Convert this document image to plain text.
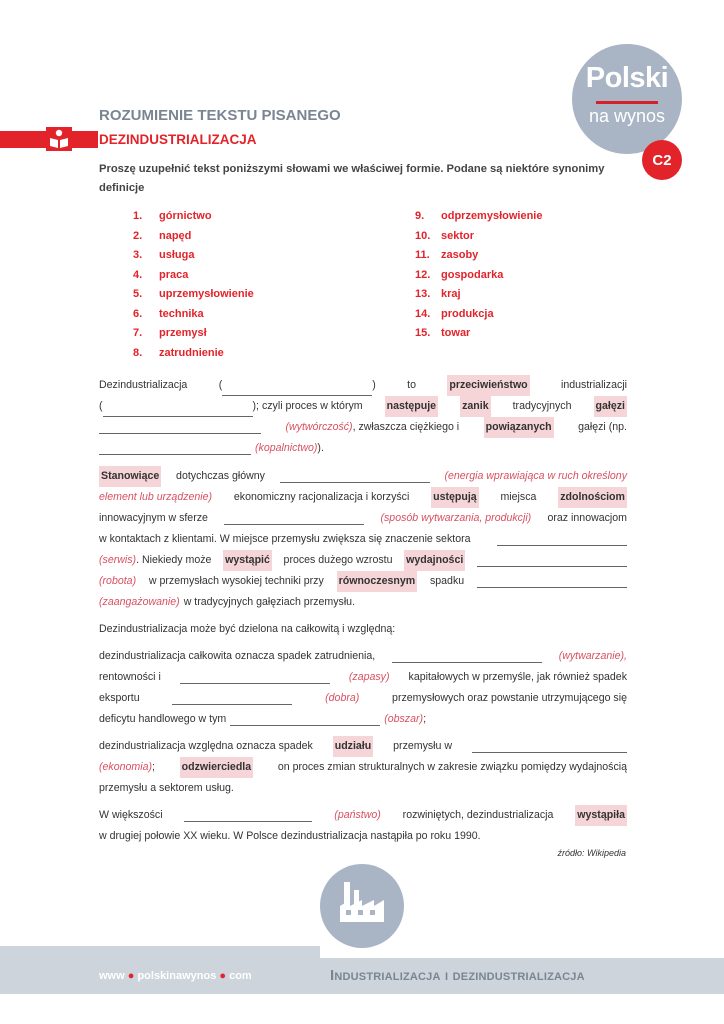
Polski
na wynos
C2
ROZUMIENIE TEKSTU PISANEGO
DEZINDUSTRIALIZACJA
Proszę uzupełnić tekst poniższymi słowami we właściwej formie. Podane są niektóre synonimy definicje
1. górnictwo
2. napęd
3. usługa
4. praca
5. uprzemysłowienie
6. technika
7. przemysł
8. zatrudnienie
9. odprzemysłowienie
10. sektor
11. zasoby
12. gospodarka
13. kraj
14. produkcja
15. towar
Dezindustrializacja	(	)	to	przeciwieństwo	industrializacji
(	); czyli proces w którym następuje zanik tradycyjnych gałęzi
(wytwórczość), zwłaszcza ciężkiego i powiązanych gałęzi (np.
(kopalnictwo)).
Stanowiące dotychczas główny	(energia wprawiająca w ruch określony
element lub urządzenie) ekonomiczny racjonalizacja i korzyści ustępują miejsca zdolnościom
innowacyjnym w sferze	(sposób wytwarzania, produkcji) oraz innowacjom
w kontaktach z klientami. W miejsce przemysłu zwiększa się znaczenie sektora
(serwis). Niekiedy może wystąpić proces dużego wzrostu wydajności
(robota) w przemysłach wysokiej techniki przy równoczesnym spadku
(zaangażowanie) w tradycyjnych gałęziach przemysłu.
Dezindustrializacja może być dzielona na całkowitą i względną:
dezindustrializacja całkowita oznacza spadek zatrudnienia,	(wytwarzanie),
rentowności i	(zapasy) kapitałowych w przemyśle, jak również spadek
eksportu	(dobra)	przemysłowych oraz powstanie utrzymującego się
deficytu handlowego w tym	(obszar);
dezindustrializacja względna oznacza spadek udziału przemysłu w
(ekonomia);	odzwierciedla	on proces zmian strukturalnych w zakresie związku pomiędzy wydajnością
przemysłu a sektorem usług.
W większości	(państwo) rozwiniętych, dezindustrializacja wystąpiła
w drugiej połowie XX wieku. W Polsce dezindustrializacja nastąpiła po roku 1990.
źródło: Wikipedia
www ● polskinawynos ● com	Industrializacja i dezindustrializacja
